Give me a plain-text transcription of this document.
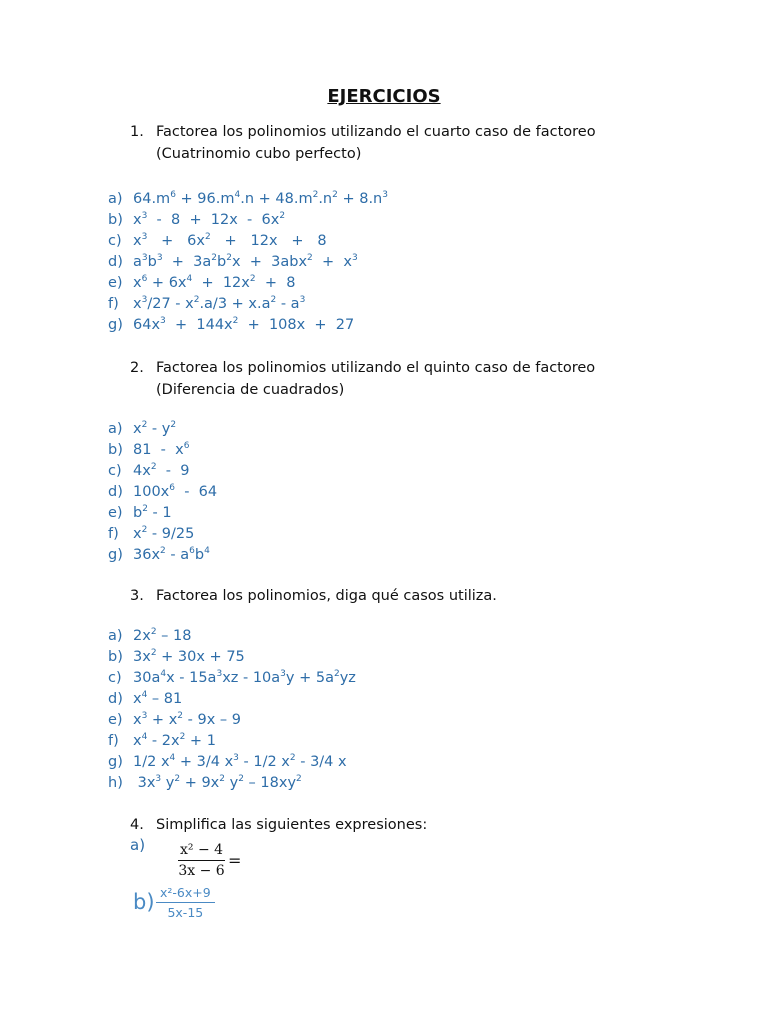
EJERCICIOS
1. Factorea los polinomios utilizando el cuarto caso de factoreo
(Cuatrinomio cubo perfecto)
a) $64.m^6 + 96.m^4.n + 48.m^2.n^2 + 8.n^3$
b) $x^3 - 8 + 12x - 6x^2$
c) $x^3 + 6x^2 + 12x + 8$
d) $a^3b^3 + 3a^2b^2x + 3abx^2 + x^3$
e) $x^6 + 6x^4 + 12x^2 + 8$
f) $x^3/27 - x^2.a/3 + x.a^2 - a^3$
g) $64x^3 + 144x^2 + 108x + 27$
2. Factorea los polinomios utilizando el quinto caso de factoreo
(Diferencia de cuadrados)
a) $x^2 - y^2$
b) $81 - x^6$
c) $4x^2 - 9$
d) $100x^6 - 64$
e) $b^2 - 1$
f) $x^2 - 9/25$
g) $36x^2 - a^6b^4$
3. Factorea los polinomios, diga qué casos utiliza.
a) $2x^2 - 18$
b) $3x^2 + 30x + 75$
c) $30a^4x - 15a^3xz - 10a^3y + 5a^2yz$
d) $x^4 - 81$
e) $x^3 + x^2 - 9x - 9$
f) $x^4 - 2x^2 + 1$
g) 1/2 $x^4 + 3/4$ $x^3 - 1/2$ $x^2 - 3/4$ x
h) $3x^3$ $y^2 + 9x^2$ $y^2 - 18xy^2$
4. Simplifica las siguientes expresiones:
$a) \frac{\text{x² − 4}}{3x - 6}$ =
$b) \frac{\text{x²-6x+9}}{5x-15}$
